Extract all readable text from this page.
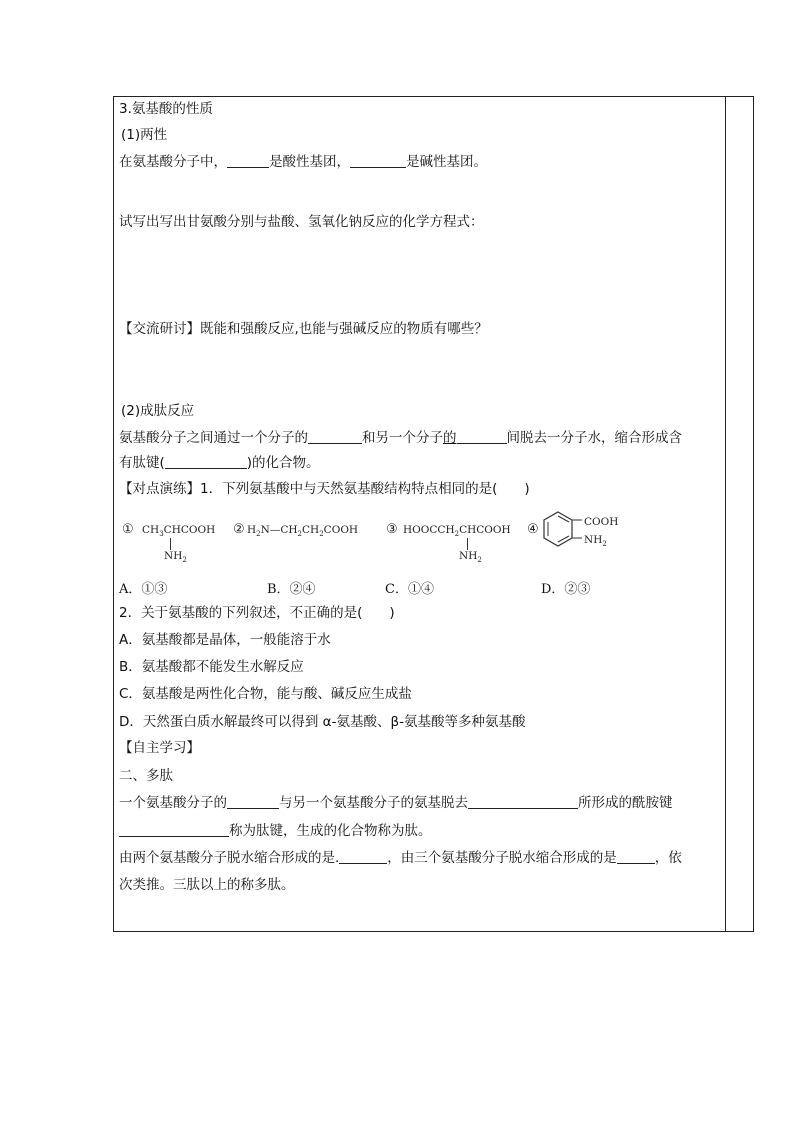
3.氨基酸的性质
(1)两性
在氨基酸分子中，	是酸性基团，	是碱性基团。
试写出写出甘氨酸分别与盐酸、氢氧化钠反应的化学方程式：
【交流研讨】既能和强酸反应,也能与强碱反应的物质有哪些？
(2)成肽反应
氨基酸分子之间通过一个分子的	和另一个分子的	间脱去一分子水，缩合形成含
有肽键(	)的化合物。
【对点演练】1．下列氨基酸中与天然氨基酸结构特点相同的是(　　)
① $CH_3CHCOOH$
$NH_2$
② $H_2N—CH_2CH_2COOH$ ③ $HOOCCH_2CHCOOH$
$NH_2$
④	COOH
$NH_2$
A．①③	B．②④	C．①④	D．②③
2．关于氨基酸的下列叙述，不正确的是(　　)
A．氨基酸都是晶体，一般能溶于水
B．氨基酸都不能发生水解反应
C．氨基酸是两性化合物，能与酸、碱反应生成盐
D．天然蛋白质水解最终可以得到 α-氨基酸、β-氨基酸等多种氨基酸
【自主学习】
二、多肽
一个氨基酸分子的	与另一个氨基酸分子的氨基脱去	所形成的酰胺键
称为肽键，生成的化合物称为肽。
由两个氨基酸分子脱水缩合形成的是.	，由三个氨基酸分子脱水缩合形成的是	，依
次类推。三肽以上的称多肽。
